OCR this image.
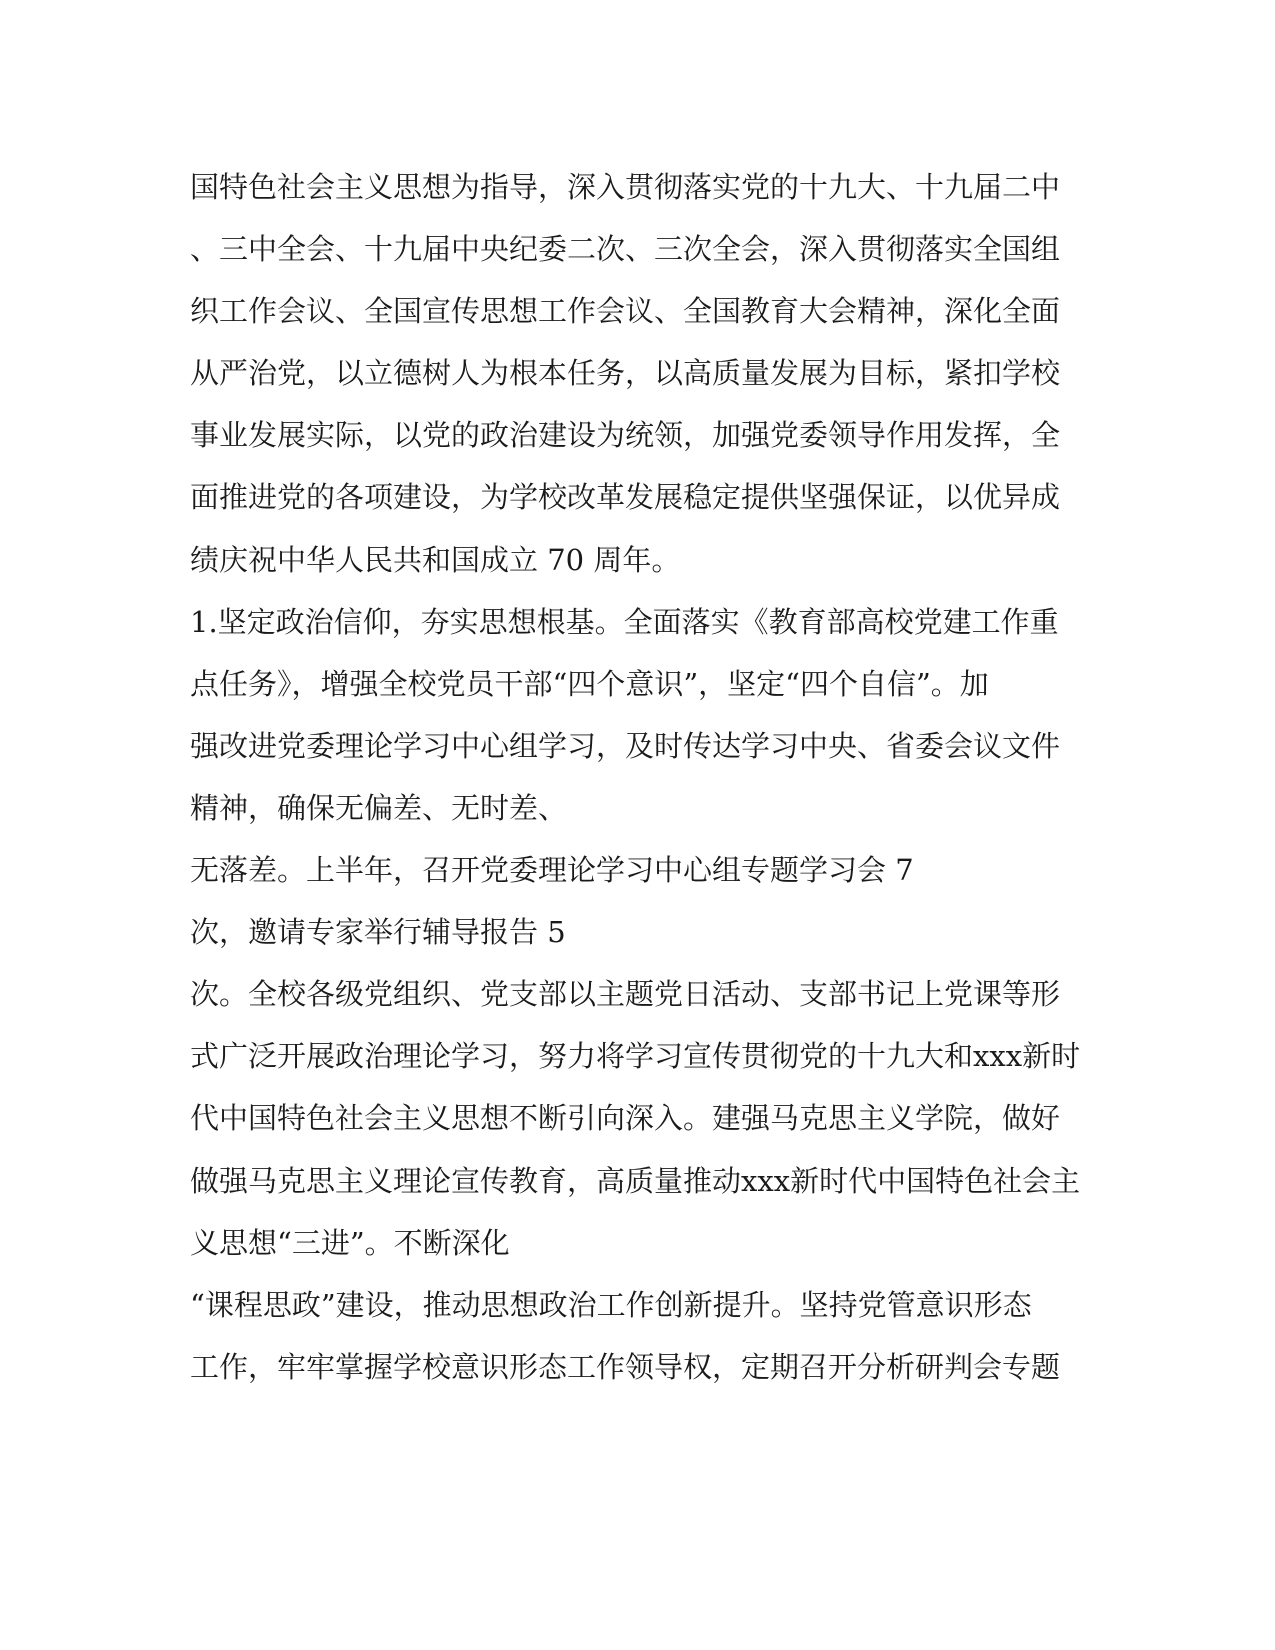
国特色社会主义思想为指导，深入贯彻落实党的十九大、十九届二中
、三中全会、十九届中央纪委二次、三次全会，深入贯彻落实全国组
织工作会议、全国宣传思想工作会议、全国教育大会精神，深化全面
从严治党，以立德树人为根本任务，以高质量发展为目标，紧扣学校
事业发展实际，以党的政治建设为统领，加强党委领导作用发挥，全
面推进党的各项建设，为学校改革发展稳定提供坚强保证，以优异成
绩庆祝中华人民共和国成立 70 周年。
1.坚定政治信仰，夯实思想根基。全面落实《教育部高校党建工作重
点任务》，增强全校党员干部“四个意识”，坚定“四个自信”。加
强改进党委理论学习中心组学习，及时传达学习中央、省委会议文件
精神，确保无偏差、无时差、
无落差。上半年，召开党委理论学习中心组专题学习会 7
次，邀请专家举行辅导报告 5
次。全校各级党组织、党支部以主题党日活动、支部书记上党课等形
式广泛开展政治理论学习，努力将学习宣传贯彻党的十九大和xxx新时
代中国特色社会主义思想不断引向深入。建强马克思主义学院，做好
做强马克思主义理论宣传教育，高质量推动xxx新时代中国特色社会主
义思想“三进”。不断深化
“课程思政”建设，推动思想政治工作创新提升。坚持党管意识形态
工作，牢牢掌握学校意识形态工作领导权，定期召开分析研判会专题
